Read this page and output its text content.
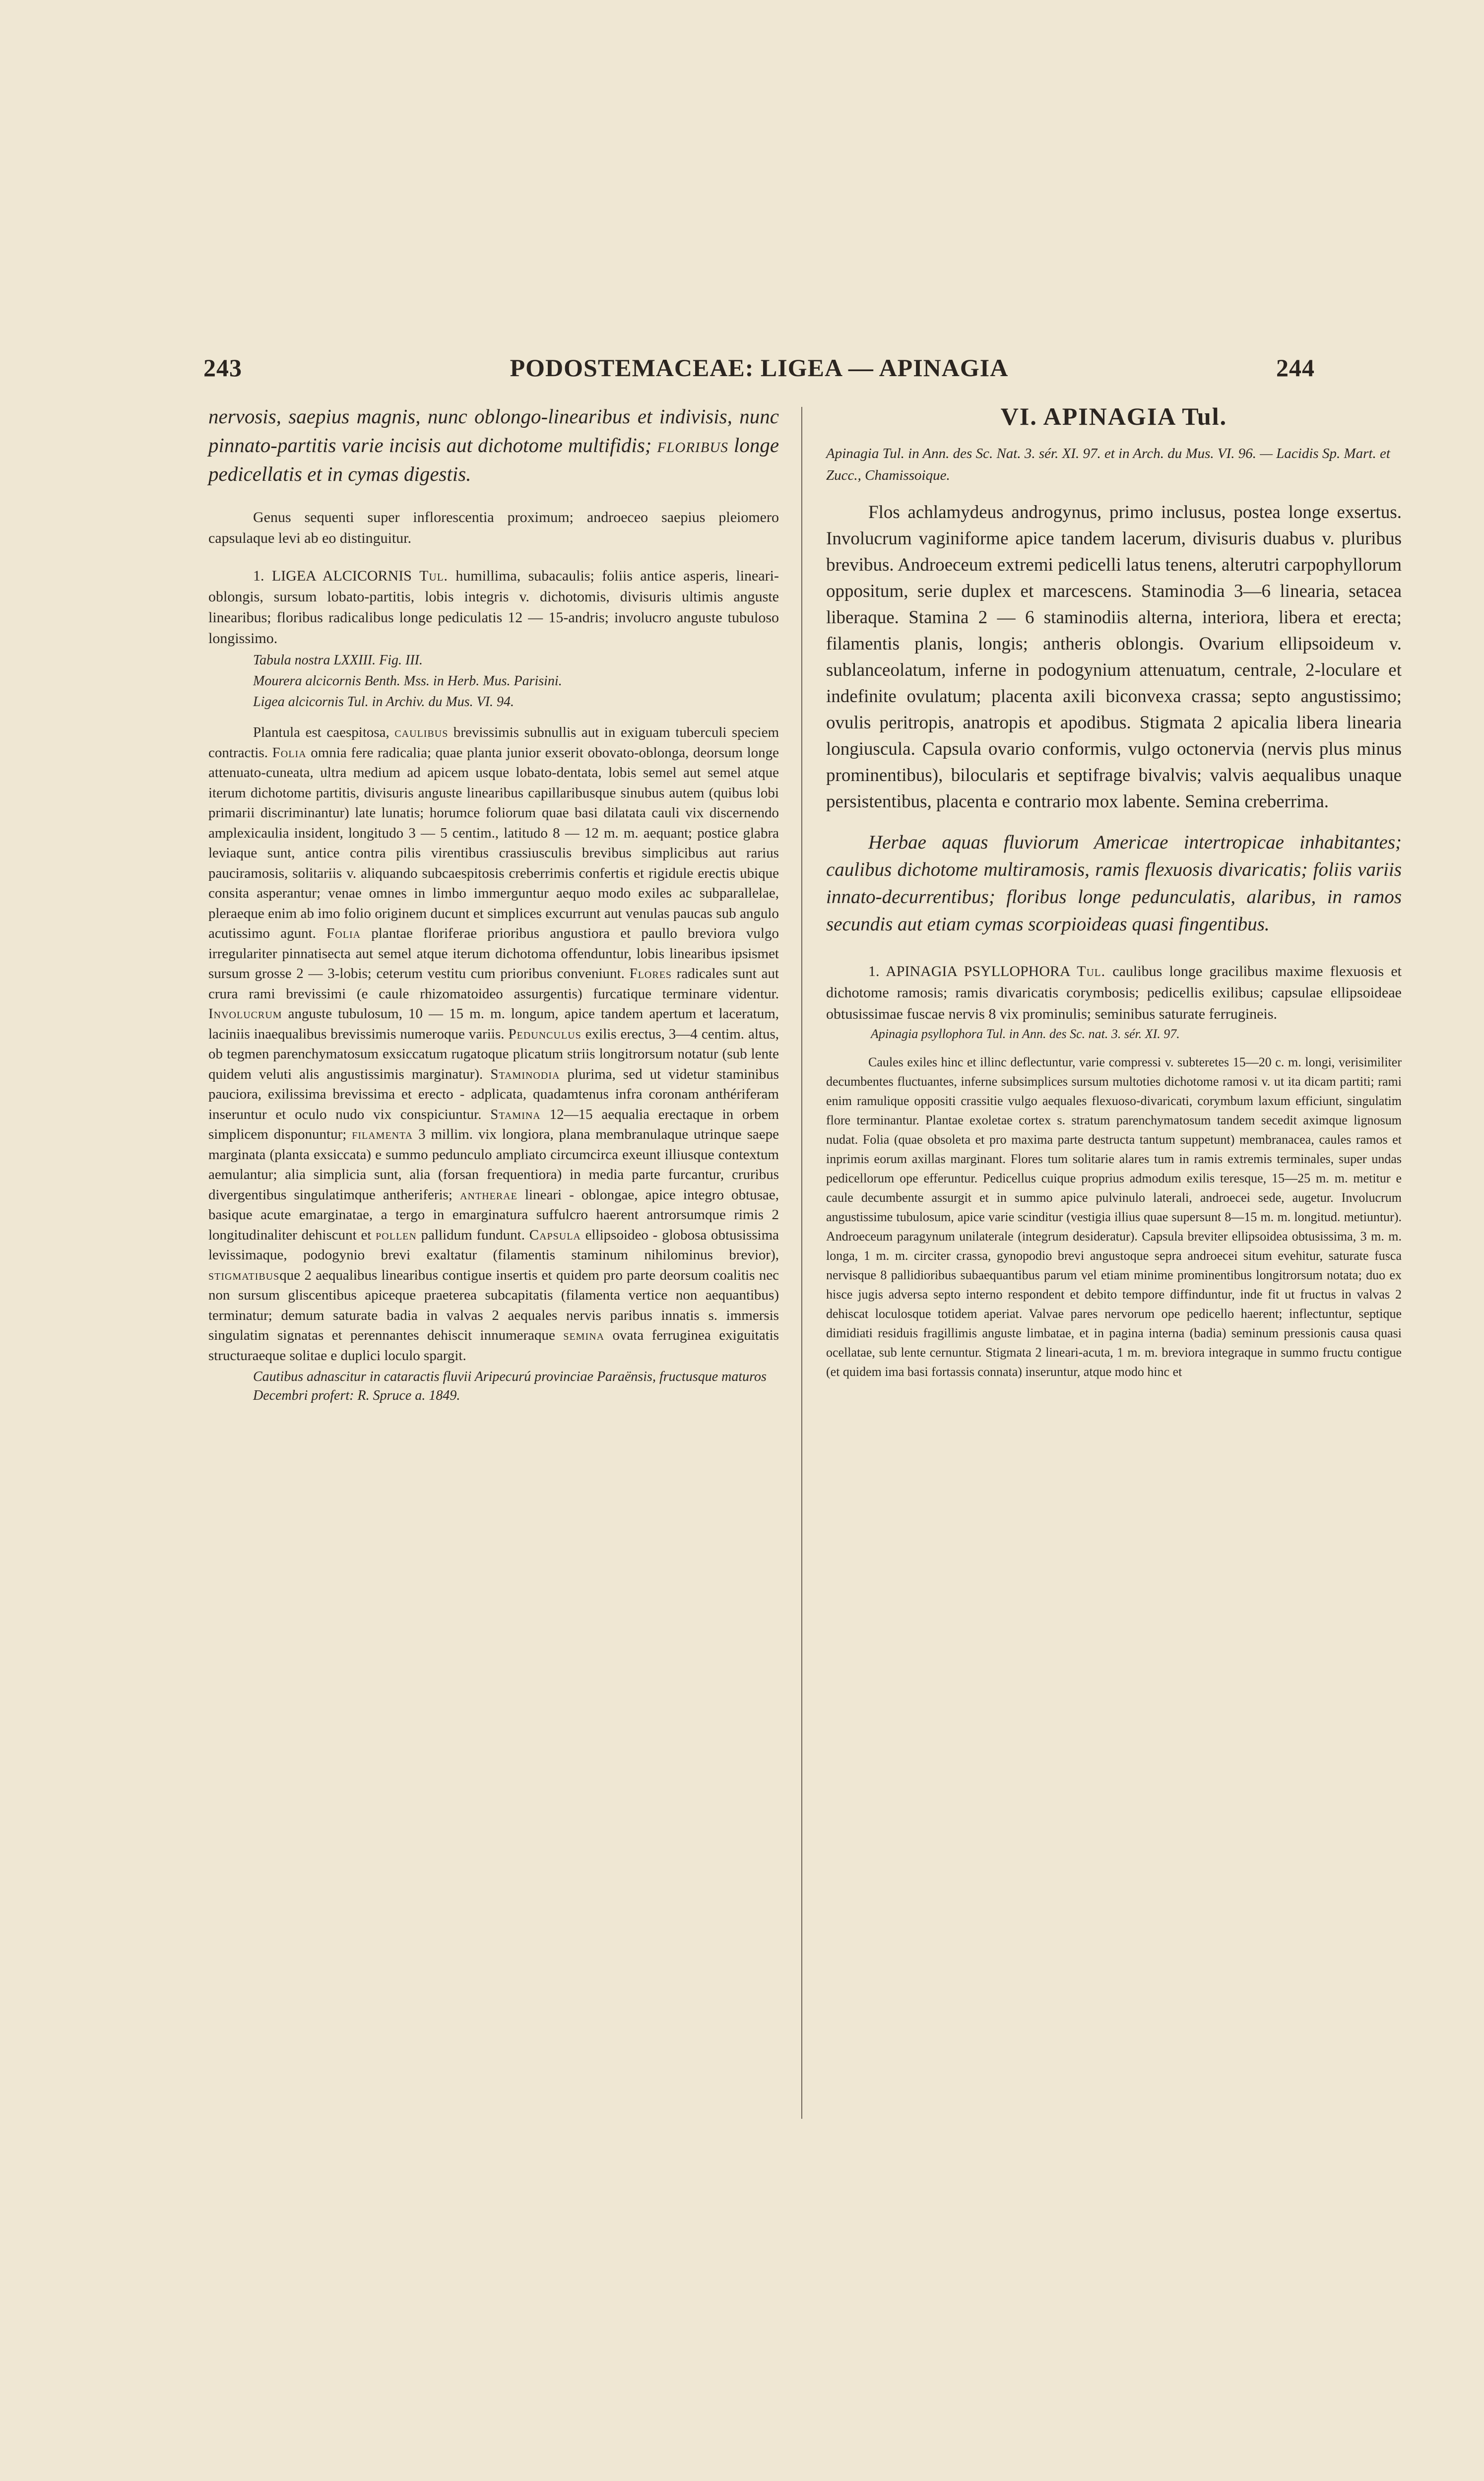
243	PODOSTEMACEAE: LIGEA — APINAGIA	244

nervosis, saepius magnis, nunc oblongo-linearibus et indivisis, nunc pinnato-partitis varie incisis aut dichotome multifidis; floribus longe pedicellatis et in cymas digestis.

Genus sequenti super inflorescentia proximum; androeceo saepius pleiomero capsulaque levi ab eo distinguitur.

1. LIGEA ALCICORNIS Tul. humillima, subacaulis; foliis antice asperis, lineari-oblongis, sursum lobato-partitis, lobis integris v. dichotomis, divisuris ultimis anguste linearibus; floribus radicalibus longe pediculatis 12 — 15-andris; involucro anguste tubuloso longissimo.

Tabula nostra LXXIII. Fig. III.

Mourera alcicornis Benth. Mss. in Herb. Mus. Parisini.

Ligea alcicornis Tul. in Archiv. du Mus. VI. 94.

Plantula est caespitosa, caulibus brevissimis subnullis aut in exiguam tuberculi speciem contractis. Folia omnia fere radicalia; quae planta junior exserit obovato-oblonga, deorsum longe attenuato-cuneata, ultra medium ad apicem usque lobato-dentata, lobis semel aut semel atque iterum dichotome partitis, divisuris anguste linearibus capillaribusque sinubus autem (quibus lobi primarii discriminantur) late lunatis; horumce foliorum quae basi dilatata cauli vix discernendo amplexicaulia insident, longitudo 3 — 5 centim., latitudo 8 — 12 m. m. aequant; postice glabra leviaque sunt, antice contra pilis virentibus crassiusculis brevibus simplicibus aut rarius pauciramosis, solitariis v. aliquando subcaespitosis creberrimis confertis et rigidule erectis ubique consita asperantur; venae omnes in limbo immerguntur aequo modo exiles ac subparallelae, pleraeque enim ab imo folio originem ducunt et simplices excurrunt aut venulas paucas sub angulo acutissimo agunt. Folia plantae floriferae prioribus angustiora et paullo breviora vulgo irregulariter pinnatisecta aut semel atque iterum dichotoma offenduntur, lobis linearibus ipsismet sursum grosse 2 — 3-lobis; ceterum vestitu cum prioribus conveniunt. Flores radicales sunt aut crura rami brevissimi (e caule rhizomatoideo assurgentis) furcatique terminare videntur. Involucrum anguste tubulosum, 10 — 15 m. m. longum, apice tandem apertum et laceratum, laciniis inaequalibus brevissimis numeroque variis. Pedunculus exilis erectus, 3—4 centim. altus, ob tegmen parenchymatosum exsiccatum rugatoque plicatum striis longitrorsum notatur (sub lente quidem veluti alis angustissimis marginatur). Staminodia plurima, sed ut videtur staminibus pauciora, exilissima brevissima et erecto - adplicata, quadamtenus infra coronam anthériferam inseruntur et oculo nudo vix conspiciuntur. Stamina 12—15 aequalia erectaque in orbem simplicem disponuntur; filamenta 3 millim. vix longiora, plana membranulaque utrinque saepe marginata (planta exsiccata) e summo pedunculo ampliato circumcirca exeunt illiusque contextum aemulantur; alia simplicia sunt, alia (forsan frequentiora) in media parte furcantur, cruribus divergentibus singulatimque antheriferis; antherae lineari - oblongae, apice integro obtusae, basique acute emarginatae, a tergo in emarginatura suffulcro haerent antrorsumque rimis 2 longitudinaliter dehiscunt et pollen pallidum fundunt. Capsula ellipsoideo - globosa obtusissima levissimaque, podogynio brevi exaltatur (filamentis staminum nihilominus brevior), stigmatibusque 2 aequalibus linearibus contigue insertis et quidem pro parte deorsum coalitis nec non sursum gliscentibus apiceque praeterea subcapitatis (filamenta vertice non aequantibus) terminatur; demum saturate badia in valvas 2 aequales nervis paribus innatis s. immersis singulatim signatas et perennantes dehiscit innumeraque semina ovata ferruginea exiguitatis structuraeque solitae e duplici loculo spargit.

Cautibus adnascitur in cataractis fluvii Aripecurú provinciae Paraënsis, fructusque maturos Decembri profert: R. Spruce a. 1849.

VI. APINAGIA Tul.

Apinagia Tul. in Ann. des Sc. Nat. 3. sér. XI. 97. et in Arch. du Mus. VI. 96. — Lacidis Sp. Mart. et Zucc., Chamissoique.

Flos achlamydeus androgynus, primo inclusus, postea longe exsertus. Involucrum vaginiforme apice tandem lacerum, divisuris duabus v. pluribus brevibus. Androeceum extremi pedicelli latus tenens, alterutri carpophyllorum oppositum, serie duplex et marcescens. Staminodia 3—6 linearia, setacea liberaque. Stamina 2 — 6 staminodiis alterna, interiora, libera et erecta; filamentis planis, longis; antheris oblongis. Ovarium ellipsoideum v. sublanceolatum, inferne in podogynium attenuatum, centrale, 2-loculare et indefinite ovulatum; placenta axili biconvexa crassa; septo angustissimo; ovulis peritropis, anatropis et apodibus. Stigmata 2 apicalia libera linearia longiuscula. Capsula ovario conformis, vulgo octonervia (nervis plus minus prominentibus), bilocularis et septifrage bivalvis; valvis aequalibus unaque persistentibus, placenta e contrario mox labente. Semina creberrima.

Herbae aquas fluviorum Americae intertropicae inhabitantes; caulibus dichotome multiramosis, ramis flexuosis divaricatis; foliis variis innato-decurrentibus; floribus longe pedunculatis, alaribus, in ramos secundis aut etiam cymas scorpioideas quasi fingentibus.

1. APINAGIA PSYLLOPHORA Tul. caulibus longe gracilibus maxime flexuosis et dichotome ramosis; ramis divaricatis corymbosis; pedicellis exilibus; capsulae ellipsoideae obtusissimae fuscae nervis 8 vix prominulis; seminibus saturate ferrugineis.

Apinagia psyllophora Tul. in Ann. des Sc. nat. 3. sér. XI. 97.

Caules exiles hinc et illinc deflectuntur, varie compressi v. subteretes 15—20 c. m. longi, verisimiliter decumbentes fluctuantes, inferne subsimplices sursum multoties dichotome ramosi v. ut ita dicam partiti; rami enim ramulique oppositi crassitie vulgo aequales flexuoso-divaricati, corymbum laxum efficiunt, singulatim flore terminantur. Plantae exoletae cortex s. stratum parenchymatosum tandem secedit aximque lignosum nudat. Folia (quae obsoleta et pro maxima parte destructa tantum suppetunt) membranacea, caules ramos et inprimis eorum axillas marginant. Flores tum solitarie alares tum in ramis extremis terminales, super undas pedicellorum ope efferuntur. Pedicellus cuique proprius admodum exilis teresque, 15—25 m. m. metitur e caule decumbente assurgit et in summo apice pulvinulo laterali, androecei sede, augetur. Involucrum angustissime tubulosum, apice varie scinditur (vestigia illius quae supersunt 8—15 m. m. longitud. metiuntur). Androeceum paragynum unilaterale (integrum desideratur). Capsula breviter ellipsoidea obtusissima, 3 m. m. longa, 1 m. m. circiter crassa, gynopodio brevi angustoque sepra androecei situm evehitur, saturate fusca nervisque 8 pallidioribus subaequantibus parum vel etiam minime prominentibus longitrorsum notata; duo ex hisce jugis adversa septo interno respondent et debito tempore diffinduntur, inde fit ut fructus in valvas 2 dehiscat loculosque totidem aperiat. Valvae pares nervorum ope pedicello haerent; inflectuntur, septique dimidiati residuis fragillimis anguste limbatae, et in pagina interna (badia) seminum pressionis causa quasi ocellatae, sub lente cernuntur. Stigmata 2 lineari-acuta, 1 m. m. breviora integraque in summo fructu contigue (et quidem ima basi fortassis connata) inseruntur, atque modo hinc et
